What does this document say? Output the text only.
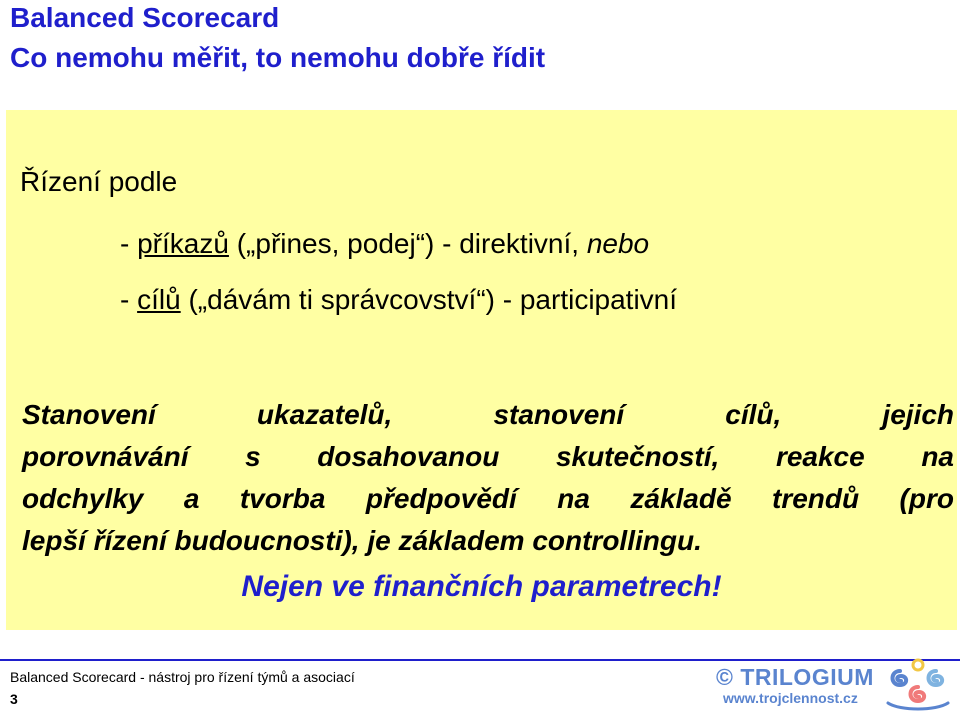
Balanced Scorecard
Co nemohu měřit, to nemohu dobře řídit
Řízení podle
- příkazů („přines, podej“) - direktivní, nebo
- cílů („dávám ti správcovství“) - participativní
Stanovení ukazatelů, stanovení cílů, jejich
porovnávání s dosahovanou skutečností, reakce na
odchylky a tvorba předpovědí na základě trendů (pro
lepší řízení budoucnosti), je základem controllingu.
Nejen ve finančních parametrech!
Balanced Scorecard - nástroj pro řízení týmů a asociací
3
© TRILOGIUM
www.trojclennost.cz
